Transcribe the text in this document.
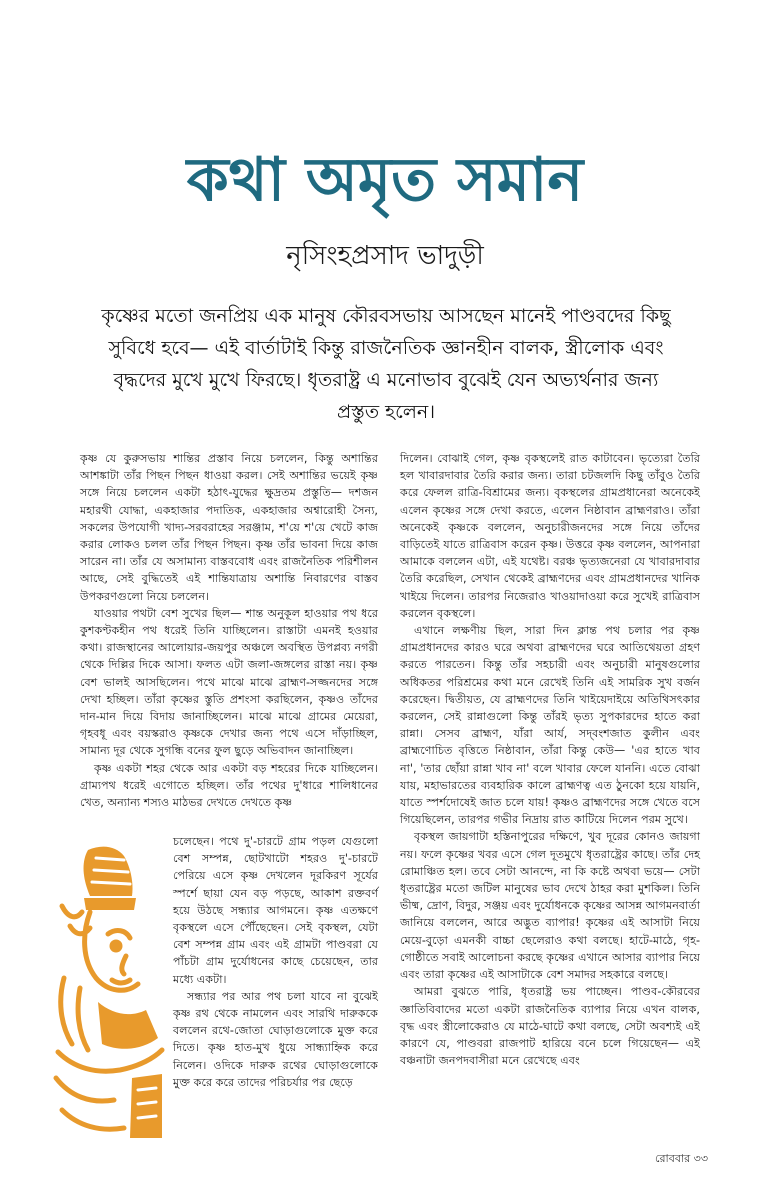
কথা অমৃত সমান
নৃসিংহপ্রসাদ ভাদুড়ী
কৃষ্ণের মতো জনপ্রিয় এক মানুষ কৌরবসভায় আসছেন মানেই পাণ্ডবদের কিছু সুবিধে হবে— এই বার্তাটাই কিন্তু রাজনৈতিক জ্ঞানহীন বালক, স্ত্রীলোক এবং বৃদ্ধদের মুখে মুখে ফিরছে। ধৃতরাষ্ট্র এ মনোভাব বুঝেই যেন অভ্যর্থনার জন্য প্রস্তুত হলেন।

কৃষ্ণ যে কুরুসভায় শান্তির প্রস্তাব নিয়ে চললেন, কিন্তু অশান্তির আশঙ্কাটা তাঁর পিছন পিছন ধাওয়া করল। সেই অশান্তির ভয়েই কৃষ্ণ সঙ্গে নিয়ে চললেন একটা হঠাৎ-যুদ্ধের ক্ষুদ্রতম প্রস্তুতি— দশজন মহারথী যোদ্ধা, একহাজার পদাতিক, একহাজার অশ্বারোহী সৈন্য, সকলের উপযোগী খাদ্য-সরবরাহের সরঞ্জাম, শ'য়ে শ'য়ে খেটে কাজ করার লোকও চলল তাঁর পিছন পিছন। কৃষ্ণ তাঁর ভাবনা দিয়ে কাজ সারেন না। তাঁর যে অসামান্য বাস্তববোধ এবং রাজনৈতিক পরিশীলন আছে, সেই বুদ্ধিতেই এই শান্তিযাত্রায় অশান্তি নিবারণের বাস্তব উপকরণগুলো নিয়ে চললেন।

যাওয়ার পথটা বেশ সুখের ছিল— শান্ত অনুকূল হাওয়ার পথ ধরে কুশকণ্টকহীন পথ ধরেই তিনি যাচ্ছিলেন। রাস্তাটা এমনই হওয়ার কথা। রাজস্থানের আলোয়ার-জয়পুর অঞ্চলে অবস্থিত উপপ্লব্য নগরী থেকে দিল্লির দিকে আসা। ফলত এটা জলা-জঙ্গলের রাস্তা নয়। কৃষ্ণ বেশ ভালই আসছিলেন। পথে মাঝে মাঝে ব্রাহ্মণ-সজ্জনদের সঙ্গে দেখা হচ্ছিল। তাঁরা কৃষ্ণের স্তুতি প্রশংসা করছিলেন, কৃষ্ণও তাঁদের দান-মান দিয়ে বিদায় জানাচ্ছিলেন। মাঝে মাঝে গ্রামের মেয়েরা, গৃহবধূ এবং বয়স্করাও কৃষ্ণকে দেখার জন্য পথে এসে দাঁড়াচ্ছিল, সামান্য দূর থেকে সুগন্ধি বনের ফুল ছুড়ে অভিবাদন জানাচ্ছিল।

কৃষ্ণ একটা শহর থেকে আর একটা বড় শহরের দিকে যাচ্ছিলেন। গ্রাম্যপথ ধরেই এগোতে হচ্ছিল। তাঁর পথের দু'ধারে শালিধানের খেত, অন্যান্য শস্যও মাঠভর দেখতে দেখতে কৃষ্ণ

চলেছেন। পথে দু'-চারটে গ্রাম পড়ল যেগুলো বেশ সম্পন্ন, ছোটখাটো শহরও দু'-চারটে পেরিয়ে এসে কৃষ্ণ দেখলেন দূরকিরণ সূর্যের স্পর্শে ছায়া যেন বড় পড়ছে, আকাশ রক্তবর্ণ হয়ে উঠছে সন্ধ্যার আগমনে। কৃষ্ণ এতক্ষণে বৃকস্থলে এসে পৌঁছেছেন। সেই বৃকস্থল, যেটা বেশ সম্পন্ন গ্রাম এবং এই গ্রামটা পাণ্ডবরা যে পাঁচটা গ্রাম দুর্যোধনের কাছে চেয়েছেন, তার মধ্যে একটা।

সন্ধ্যার পর আর পথ চলা যাবে না বুঝেই কৃষ্ণ রথ থেকে নামলেন এবং সারথি দারুককে বললেন রথে-জোতা ঘোড়াগুলোকে মুক্ত করে দিতে। কৃষ্ণ হাত-মুখ ধুয়ে সান্ধ্যাহ্নিক করে নিলেন। ওদিকে দারুক রথের ঘোড়াগুলোকে মুক্ত করে করে তাদের পরিচর্যার পর ছেড়ে

দিলেন। বোঝাই গেল, কৃষ্ণ বৃকস্থলেই রাত কাটাবেন। ভৃত্যেরা তৈরি হল খাবারদাবার তৈরি করার জন্য। তারা চটজলদি কিছু তাঁবুও তৈরি করে ফেলল রাত্রি-বিশ্রামের জন্য। বৃকস্থলের গ্রামপ্রধানেরা অনেকেই এলেন কৃষ্ণের সঙ্গে দেখা করতে, এলেন নিষ্ঠাবান ব্রাহ্মণরাও। তাঁরা অনেকেই কৃষ্ণকে বললেন, অনুচারীজনদের সঙ্গে নিয়ে তাঁদের বাড়িতেই যাতে রাত্রিবাস করেন কৃষ্ণ। উত্তরে কৃষ্ণ বললেন, আপনারা আমাকে বললেন এটা, এই যথেষ্ট। বরঞ্চ ভৃত্যজনেরা যে খাবারদাবার তৈরি করেছিল, সেখান থেকেই ব্রাহ্মণদের এবং গ্রামপ্রধানদের খানিক খাইয়ে দিলেন। তারপর নিজেরাও খাওয়াদাওয়া করে সুখেই রাত্রিবাস করলেন বৃকস্থলে।

এখানে লক্ষণীয় ছিল, সারা দিন ক্লান্ত পথ চলার পর কৃষ্ণ গ্রামপ্রধানদের কারও ঘরে অথবা ব্রাহ্মণদের ঘরে আতিথেয়তা গ্রহণ করতে পারতেন। কিন্তু তাঁর সহচারী এবং অনুচারী মানুষগুলোর অধিকতর পরিশ্রমের কথা মনে রেখেই তিনি এই সামরিক সুখ বর্জন করেছেন। দ্বিতীয়ত, যে ব্রাহ্মণদের তিনি খাইয়েদাইয়ে অতিথিসৎকার করলেন, সেই রান্নাগুলো কিন্তু তাঁরই ভৃত্য সুপকারদের হাতে করা রান্না। সেসব ব্রাহ্মণ, যাঁরা আর্য, সদ্‌বংশজাত কুলীন এবং ব্রাহ্মণোচিত বৃত্তিতে নিষ্ঠাবান, তাঁরা কিন্তু কেউ— 'এর হাতে খাব না', 'তার ছোঁয়া রান্না খাব না' বলে খাবার ফেলে যাননি। এতে বোঝা যায়, মহাভারতের ব্যবহারিক কালে ব্রাহ্মণত্ব এত ঠুনকো হয়ে যায়নি, যাতে স্পর্শদোষেই জাত চলে যায়! কৃষ্ণও ব্রাহ্মণদের সঙ্গে খেতে বসে গিয়েছিলেন, তারপর গভীর নিদ্রায় রাত কাটিয়ে দিলেন পরম সুখে।

বৃকস্থল জায়গাটা হস্তিনাপুরের দক্ষিণে, খুব দূরের কোনও জায়গা নয়। ফলে কৃষ্ণের খবর এসে গেল দূতমুখে ধৃতরাষ্ট্রের কাছে। তাঁর দেহ রোমাঞ্চিত হল। তবে সেটা আনন্দে, না কি কষ্টে অথবা ভয়ে— সেটা ধৃতরাষ্ট্রের মতো জটিল মানুষের ভাব দেখে ঠাহর করা মুশকিল। তিনি ভীষ্ম, দ্রোণ, বিদুর, সঞ্জয় এবং দুর্যোধনকে কৃষ্ণের আসন্ন আগমনবার্তা জানিয়ে বললেন, আরে অদ্ভুত ব্যাপার! কৃষ্ণের এই আসাটা নিয়ে মেয়ে-বুড়ো এমনকী বাচ্চা ছেলেরাও কথা বলছে। হাটে-মাঠে, গৃহ-গোষ্ঠীতে সবাই আলোচনা করছে কৃষ্ণের এখানে আসার ব্যাপার নিয়ে এবং তারা কৃষ্ণের এই আসাটাকে বেশ সমাদর সহকারে বলছে।

আমরা বুঝতে পারি, ধৃতরাষ্ট্র ভয় পাচ্ছেন। পাণ্ডব-কৌরবের জ্ঞাতিবিবাদের মতো একটা রাজনৈতিক ব্যাপার নিয়ে এখন বালক, বৃদ্ধ এবং স্ত্রীলোকেরাও যে মাঠে-ঘাটে কথা বলছে, সেটা অবশ্যই এই কারণে যে, পাণ্ডবরা রাজপাট হারিয়ে বনে চলে গিয়েছেন— এই বঞ্চনাটা জনপদবাসীরা মনে রেখেছে এবং

রোববার ৩৩
